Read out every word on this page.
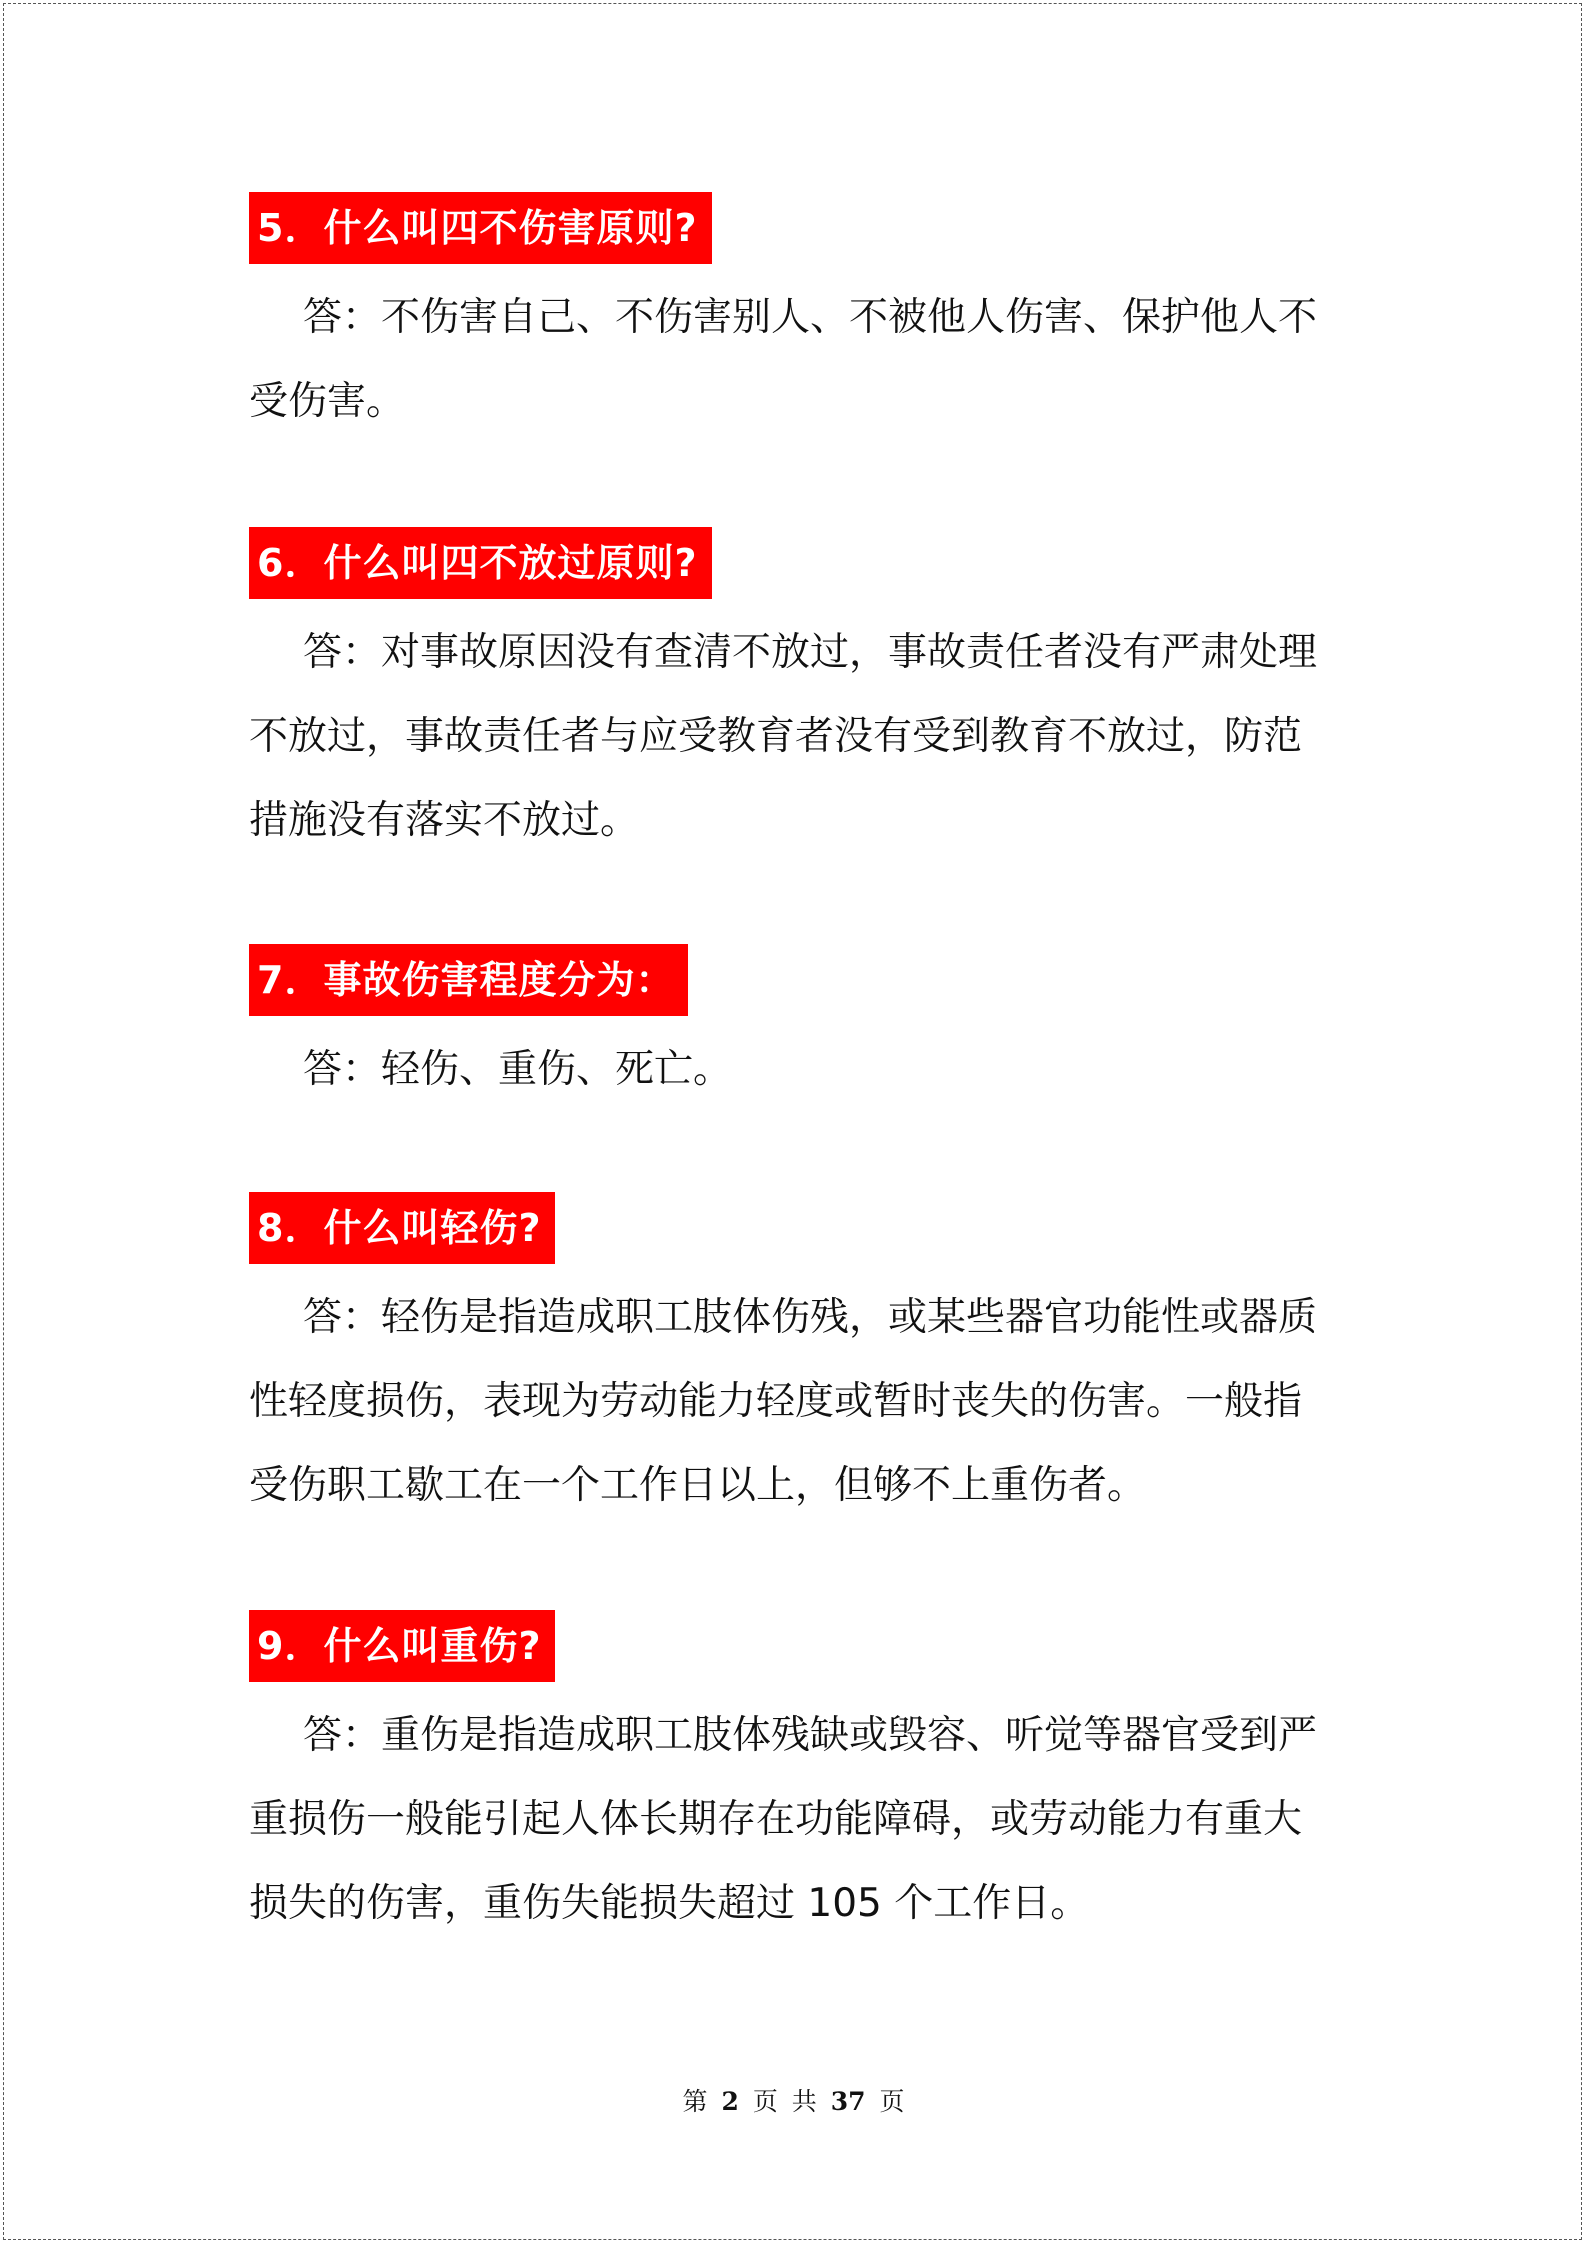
5．什么叫四不伤害原则?

答：不伤害自己、不伤害别人、不被他人伤害、保护他人不受伤害。

6．什么叫四不放过原则?

答：对事故原因没有查清不放过，事故责任者没有严肃处理不放过，事故责任者与应受教育者没有受到教育不放过，防范措施没有落实不放过。

7．事故伤害程度分为：

答：轻伤、重伤、死亡。

8．什么叫轻伤?

答：轻伤是指造成职工肢体伤残，或某些器官功能性或器质性轻度损伤，表现为劳动能力轻度或暂时丧失的伤害。一般指受伤职工歇工在一个工作日以上，但够不上重伤者。

9．什么叫重伤?

答：重伤是指造成职工肢体残缺或毁容、听觉等器官受到严重损伤一般能引起人体长期存在功能障碍，或劳动能力有重大损失的伤害，重伤失能损失超过 105 个工作日。

第 2 页 共 37 页
